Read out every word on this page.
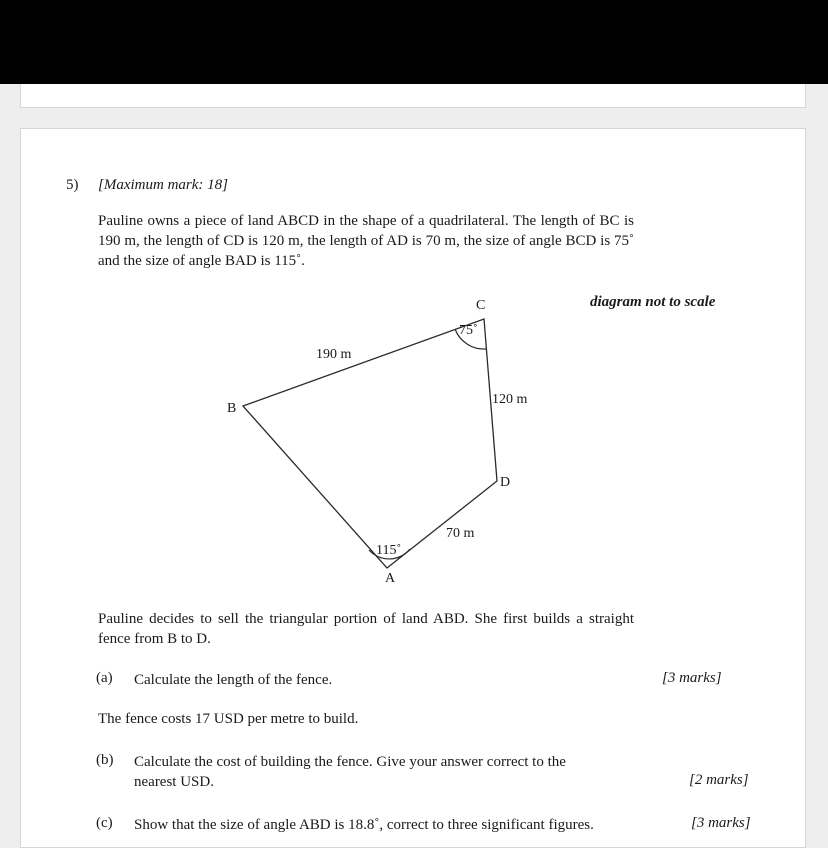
5) [Maximum mark: 18]
Pauline owns a piece of land ABCD in the shape of a quadrilateral. The length of BC is 190 m, the length of CD is 120 m, the length of AD is 70 m, the size of angle BCD is 75˚ and the size of angle BAD is 115˚.
diagram not to scale
C
B
D
A
190 m
120 m
70 m
75˚
115˚
Pauline decides to sell the triangular portion of land ABD. She first builds a straight fence from B to D.
(a) Calculate the length of the fence.	[3 marks]
The fence costs 17 USD per metre to build.
(b) Calculate the cost of building the fence. Give your answer correct to the
nearest USD.	[2 marks]
(c) Show that the size of angle ABD is 18.8˚, correct to three significant figures.	[3 marks]
